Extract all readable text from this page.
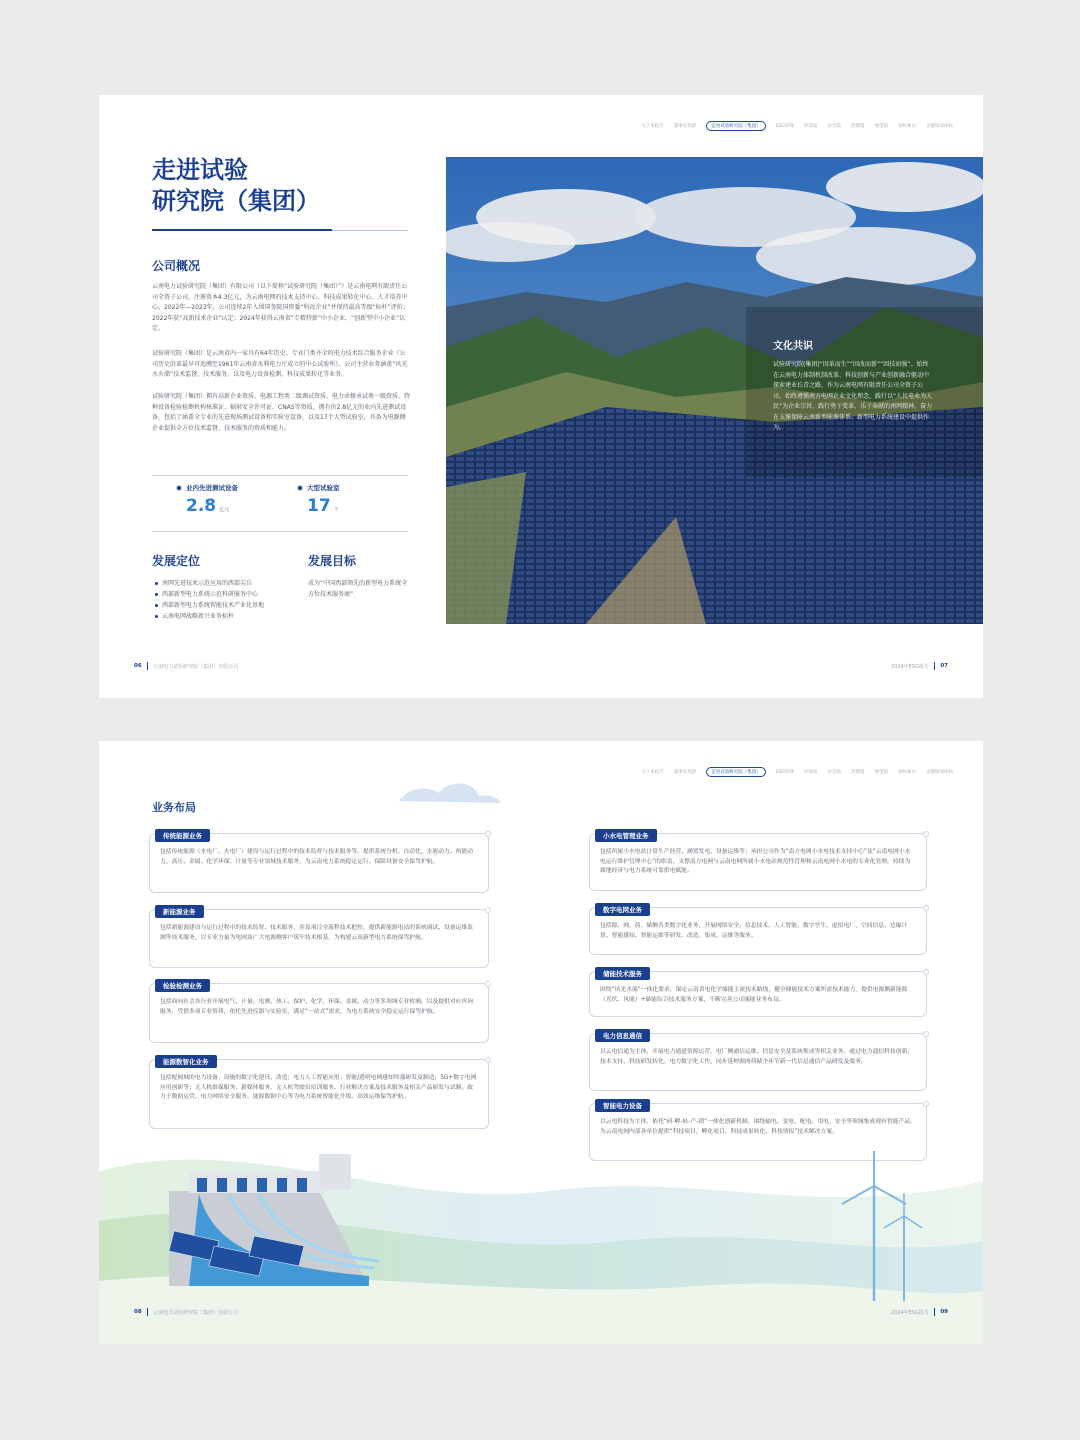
关于本报告 董事长致辞	走进试验研究院（集团）	ESG管理 环境篇 社会篇 治理篇 展望篇 指标索引 关键绩效指标
走进试验
研究院（集团）
公司概况
云南电力试验研究院（集团）有限公司（以下简称“试验研究院（集团）”）是云南电网有限责任公司全资子公司，注册资本4.3亿元，为云南电网的技术支持中心、科技成果转化中心、人才培养中心。2022年—2023年，公司连续2年入围国务院国资委“科改企业”并保持最高等级“标杆”评价；2022年获“高新技术企业”认定；2024年获得云南省“专精特新”中小企业、“创新型中小企业”认定。
试验研究院（集团）是云南省内一家具有64年历史、专业门类齐全的电力技术综合服务企业（公司历史沿革最早可追溯至1961年云南省水利电力厅成立的中心试验所），公司主营业务涵盖“风光水火储”技术监督、技术服务，以及电力设备检测、科技成果转化等业务。
试验研究院（集团）拥有高新企业资质、电源工程类二级调试资质、电力承修承试类一级资质、特种设备检验检测机构核准证、辐射安全许可证、CNAS等资质，拥有价2.8亿元的业内先进测试设备，包括了涵盖全专业的先进现场测试设备和实验室设备，以及17个大型试验室，具备为电源侧企业提供全方位技术监督、技术服务的资质和能力。
业内先进测试设备
2.8 亿元
大型试验室
17 个
发展定位
南网先进技术示范应用的西部尖兵
西部新型电力系统示范科研服务中心
西部新型电力系统智能技术产业化基地
云南电网战略新兴业务标杆
发展目标
成为“中国西部领先的新型电力系统全方位技术服务商”
文化共识
试验研究院(集团)“因革而生”“因改而新”“因技而强”。始终在云南电力体制机制改革、科技创新与产业创新融合驱动中探索建业长青之路，作为云南电网有限责任公司全资子公司，始终遵循南方电网企业文化理念，践行以“人民电业为人民”为企业宗旨，践行勇于变革、乐于奉献的南网精神，奋力在支撑保障云南新型能源体系、新型电力系统建设中提供作为。
06 云南电力试验研究院（集团）有限公司	2024年ESG报告 07
关于本报告 董事长致辞	走进试验研究院（集团）	ESG管理 环境篇 社会篇 治理篇 展望篇 指标索引 关键绩效指标
业务布局
传统能源业务
包括传统能源（水电厂、火电厂）建设与运行过程中的技术监督与技术服务等。提供系统分析、自动化、水能动力、热能动力、高压、金属、化学环保、计量等专业领域技术服务，为云南电力系统稳定运行、保障设备安全保驾护航。
新能源业务
包括新能源建设与运行过程中的技术监督、技术服务，涉及项目全流程技术把控，提供新能源电站的系统调试、设备运维监测等技术服务，以专业力量为电网及广大电源侧客户筑牢技术根基，为构建云南新型电力系统保驾护航。
检验检测业务
包括面向社会各行业开展电气、计量、电测、热工、保护、化学、环保、金属、动力等多领域专业检测，以及提供对应咨询服务，凭借多项专业资质，依托先进仪器与实验室，满足“一站式”需求，为电力系统安全稳定运行保驾护航。
能源数智化业务
包括配网域的电力设备、设施的数字化建设、改造；电力人工智能应用；智能/透明电网感知终端研发及制造；5G+数字电网应用创新等；无人机维保服务、新媒体服务、无人机驾驶员培训服务、行业解决方案及技术服务及相关产品研发与试制。致力于数据运营、电力网络安全服务、能源数据中心等为电力系统智能化升级、高效运维保驾护航。
小水电管理业务
包括所属小水电站日常生产经营、涵置发电、设备运维等；承担公司作为“南方电网小水电技术支持中心”及“云南电网小水电运行维护管理中心”的职责，支撑南方电网与云南电网所属小水电站规范性管理和云南电网小水电的专业化管理，持续为属地经济与电力系统可靠供电赋能。
数字电网业务
包括源、网、荷、储侧各类数字化业务，开展网络安全、信息技术、人工智能、数字孪生、虚拟电厂、空间信息、边缘计算、智能感知、智能运维等研发、改造、集成、运维等服务。
储能技术服务
围绕“风光水储”一体化要求，锚定云南省电化学储能主流技术路线，健全储能技术方案所需技术能力，提供电源侧新能源（光伏、风能）+储能综合技术服务方案，不断完善公司储能业务布局。
电力信息通信
以云电信通为主体，开展电力通道资源运营、电厂侧通信运维、信息安全及系统集成等相关业务。通过电力通信科技创新、技术支持、科技研发转化、电力数字化工作，同步延伸源网荷储全环节新一代信息通信产品研发及服务。
智能电力设备
以云电科技为主体，依托“研-孵-转-产-销”一体化创新机制，围绕输电、变电、配电、用电、安全等领域集成现有智能产品，为云南电网内部各单位提供“科技项目，孵化项目，科技成果转化，科技情报”技术解决方案。
08 云南电力试验研究院（集团）有限公司	2024年ESG报告 09
